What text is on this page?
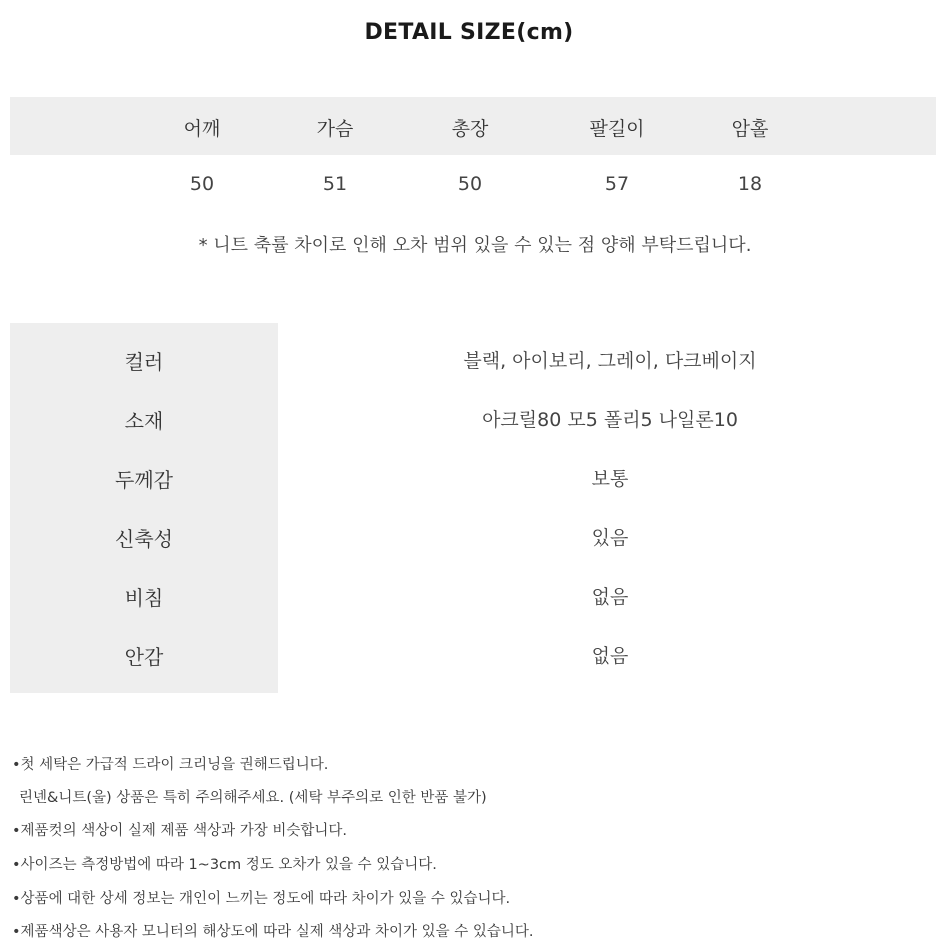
DETAIL SIZE(cm)
어깨	가슴	총장	팔길이	암홀
50	51	50	57	18
* 니트 축률 차이로 인해 오차 범위 있을 수 있는 점 양해 부탁드립니다.
컬러	블랙, 아이보리, 그레이, 다크베이지
소재	아크릴80 모5 폴리5 나일론10
두께감	보통
신축성	있음
비침	없음
안감	없음
•첫 세탁은 가급적 드라이 크리닝을 권해드립니다.
린넨&니트(울) 상품은 특히 주의해주세요. (세탁 부주의로 인한 반품 불가)
•제품컷의 색상이 실제 제품 색상과 가장 비슷합니다.
•사이즈는 측정방법에 따라 1~3cm 정도 오차가 있을 수 있습니다.
•상품에 대한 상세 정보는 개인이 느끼는 정도에 따라 차이가 있을 수 있습니다.
•제품색상은 사용자 모니터의 해상도에 따라 실제 색상과 차이가 있을 수 있습니다.
